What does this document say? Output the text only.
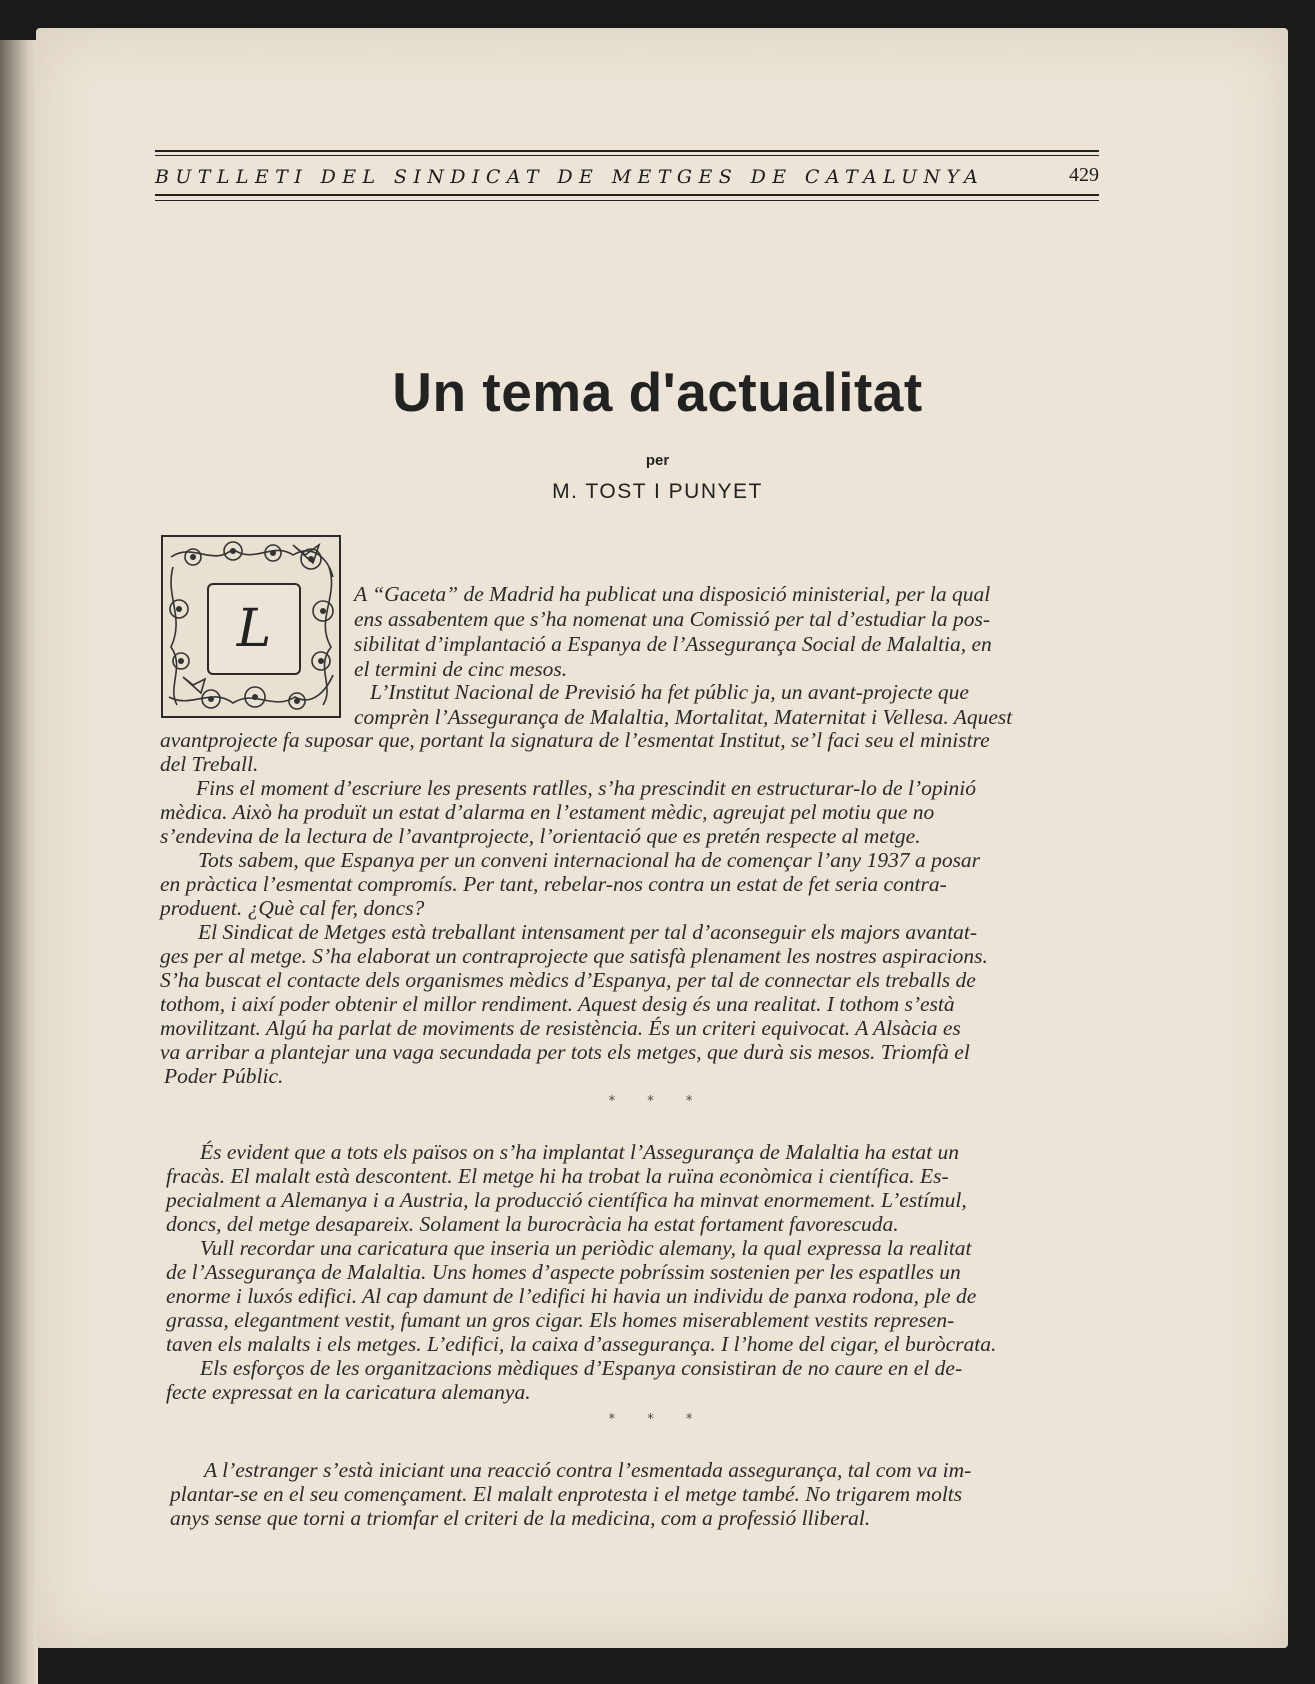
BUTLLETI DEL SINDICAT DE METGES DE CATALUNYA	429
Un tema d'actualitat
per
M. TOST I PUNYET
L
A “Gaceta” de Madrid ha publicat una disposició ministerial, per la qual
ens assabentem que s’ha nomenat una Comissió per tal d’estudiar la pos-
sibilitat d’implantació a Espanya de l’Assegurança Social de Malaltia, en
el termini de cinc mesos.
L’Institut Nacional de Previsió ha fet públic ja, un avant-projecte que
comprèn l’Assegurança de Malaltia, Mortalitat, Maternitat i Vellesa. Aquest
avantprojecte fa suposar que, portant la signatura de l’esmentat Institut, se’l faci seu el ministre
del Treball.
Fins el moment d’escriure les presents ratlles, s’ha prescindit en estructurar-lo de l’opinió
mèdica. Això ha produït un estat d’alarma en l’estament mèdic, agreujat pel motiu que no
s’endevina de la lectura de l’avantprojecte, l’orientació que es pretén respecte al metge.
Tots sabem, que Espanya per un conveni internacional ha de començar l’any 1937 a posar
en pràctica l’esmentat compromís. Per tant, rebelar-nos contra un estat de fet seria contra-
produent. ¿Què cal fer, doncs?
El Sindicat de Metges està treballant intensament per tal d’aconseguir els majors avantat-
ges per al metge. S’ha elaborat un contraprojecte que satisfà plenament les nostres aspiracions.
S’ha buscat el contacte dels organismes mèdics d’Espanya, per tal de connectar els treballs de
tothom, i així poder obtenir el millor rendiment. Aquest desig és una realitat. I tothom s’està
movilitzant. Algú ha parlat de moviments de resistència. És un criteri equivocat. A Alsàcia es
va arribar a plantejar una vaga secundada per tots els metges, que durà sis mesos. Triomfà el
Poder Públic.
* * *
És evident que a tots els països on s’ha implantat l’Assegurança de Malaltia ha estat un
fracàs. El malalt està descontent. El metge hi ha trobat la ruïna econòmica i científica. Es-
pecialment a Alemanya i a Austria, la producció científica ha minvat enormement. L’estímul,
doncs, del metge desapareix. Solament la burocràcia ha estat fortament favorescuda.
Vull recordar una caricatura que inseria un periòdic alemany, la qual expressa la realitat
de l’Assegurança de Malaltia. Uns homes d’aspecte pobríssim sostenien per les espatlles un
enorme i luxós edifici. Al cap damunt de l’edifici hi havia un individu de panxa rodona, ple de
grassa, elegantment vestit, fumant un gros cigar. Els homes miserablement vestits represen-
taven els malalts i els metges. L’edifici, la caixa d’assegurança. I l’home del cigar, el buròcrata.
Els esforços de les organitzacions mèdiques d’Espanya consistiran de no caure en el de-
fecte expressat en la caricatura alemanya.
* * *
A l’estranger s’està iniciant una reacció contra l’esmentada assegurança, tal com va im-
plantar-se en el seu començament. El malalt enprotesta i el metge també. No trigarem molts
anys sense que torni a triomfar el criteri de la medicina, com a professió lliberal.
